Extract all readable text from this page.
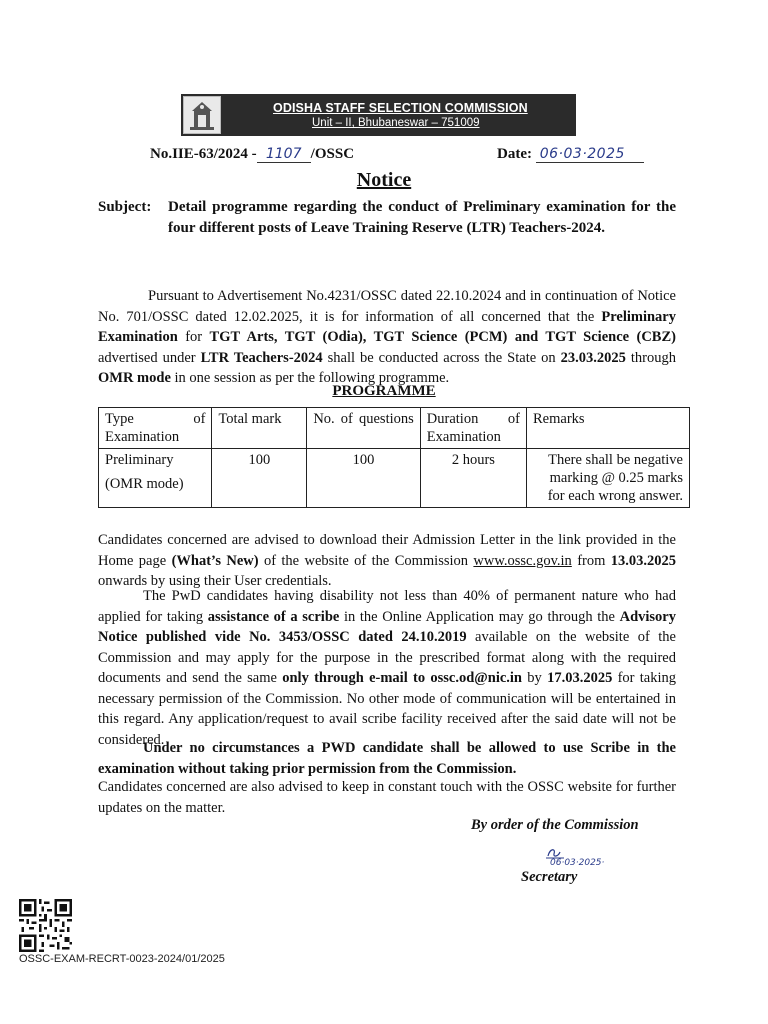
ODISHA STAFF SELECTION COMMISSION
Unit – II, Bhubaneswar – 751009
No.IIE-63/2024 - 1107 /OSSC	Date: 06·03·2025
Notice
Subject: Detail programme regarding the conduct of Preliminary examination for the four different posts of Leave Training Reserve (LTR) Teachers-2024.
Pursuant to Advertisement No.4231/OSSC dated 22.10.2024 and in continuation of Notice No. 701/OSSC dated 12.02.2025, it is for information of all concerned that the Preliminary Examination for TGT Arts, TGT (Odia), TGT Science (PCM) and TGT Science (CBZ) advertised under LTR Teachers-2024 shall be conducted across the State on 23.03.2025 through OMR mode in one session as per the following programme.
PROGRAMME
Type of Examination	Total mark	No. of questions	Duration of Examination	Remarks

Preliminary
(OMR mode)	100	100	2 hours	There shall be negative marking @ 0.25 marks for each wrong answer.
Candidates concerned are advised to download their Admission Letter in the link provided in the Home page (What’s New) of the website of the Commission www.ossc.gov.in from 13.03.2025 onwards by using their User credentials.
The PwD candidates having disability not less than 40% of permanent nature who had applied for taking assistance of a scribe in the Online Application may go through the Advisory Notice published vide No. 3453/OSSC dated 24.10.2019 available on the website of the Commission and may apply for the purpose in the prescribed format along with the required documents and send the same only through e-mail to ossc.od@nic.in by 17.03.2025 for taking necessary permission of the Commission. No other mode of communication will be entertained in this regard. Any application/request to avail scribe facility received after the said date will not be considered.
Under no circumstances a PWD candidate shall be allowed to use Scribe in the examination without taking prior permission from the Commission.
Candidates concerned are also advised to keep in constant touch with the OSSC website for further updates on the matter.
By order of the Commission
06·03·2025·
Secretary
OSSC-EXAM-RECRT-0023-2024/01/2025
